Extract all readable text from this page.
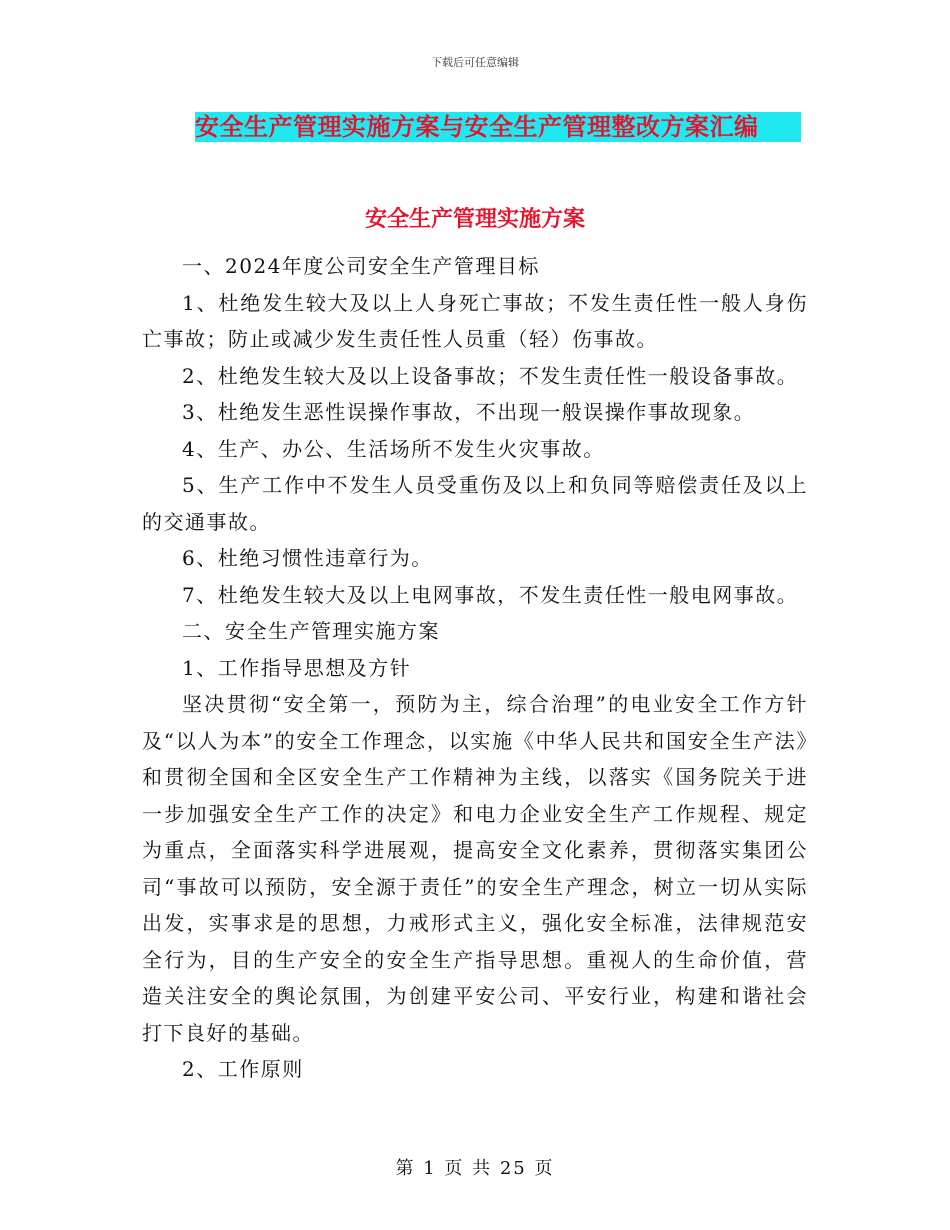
下载后可任意编辑
安全生产管理实施方案与安全生产管理整改方案汇编
安全生产管理实施方案

一、2024年度公司安全生产管理目标

1、杜绝发生较大及以上人身死亡事故；不发生责任性一般人身伤亡事故；防止或减少发生责任性人员重（轻）伤事故。

2、杜绝发生较大及以上设备事故；不发生责任性一般设备事故。

3、杜绝发生恶性误操作事故，不出现一般误操作事故现象。

4、生产、办公、生活场所不发生火灾事故。

5、生产工作中不发生人员受重伤及以上和负同等赔偿责任及以上的交通事故。

6、杜绝习惯性违章行为。

7、杜绝发生较大及以上电网事故，不发生责任性一般电网事故。

二、安全生产管理实施方案

1、工作指导思想及方针

坚决贯彻“安全第一，预防为主，综合治理”的电业安全工作方针及“以人为本”的安全工作理念，以实施《中华人民共和国安全生产法》和贯彻全国和全区安全生产工作精神为主线，以落实《国务院关于进一步加强安全生产工作的决定》和电力企业安全生产工作规程、规定为重点，全面落实科学进展观，提高安全文化素养，贯彻落实集团公司“事故可以预防，安全源于责任”的安全生产理念，树立一切从实际出发，实事求是的思想，力戒形式主义，强化安全标准，法律规范安全行为，目的生产安全的安全生产指导思想。重视人的生命价值，营造关注安全的舆论氛围，为创建平安公司、平安行业，构建和谐社会打下良好的基础。

2、工作原则

第 1 页 共 25 页
